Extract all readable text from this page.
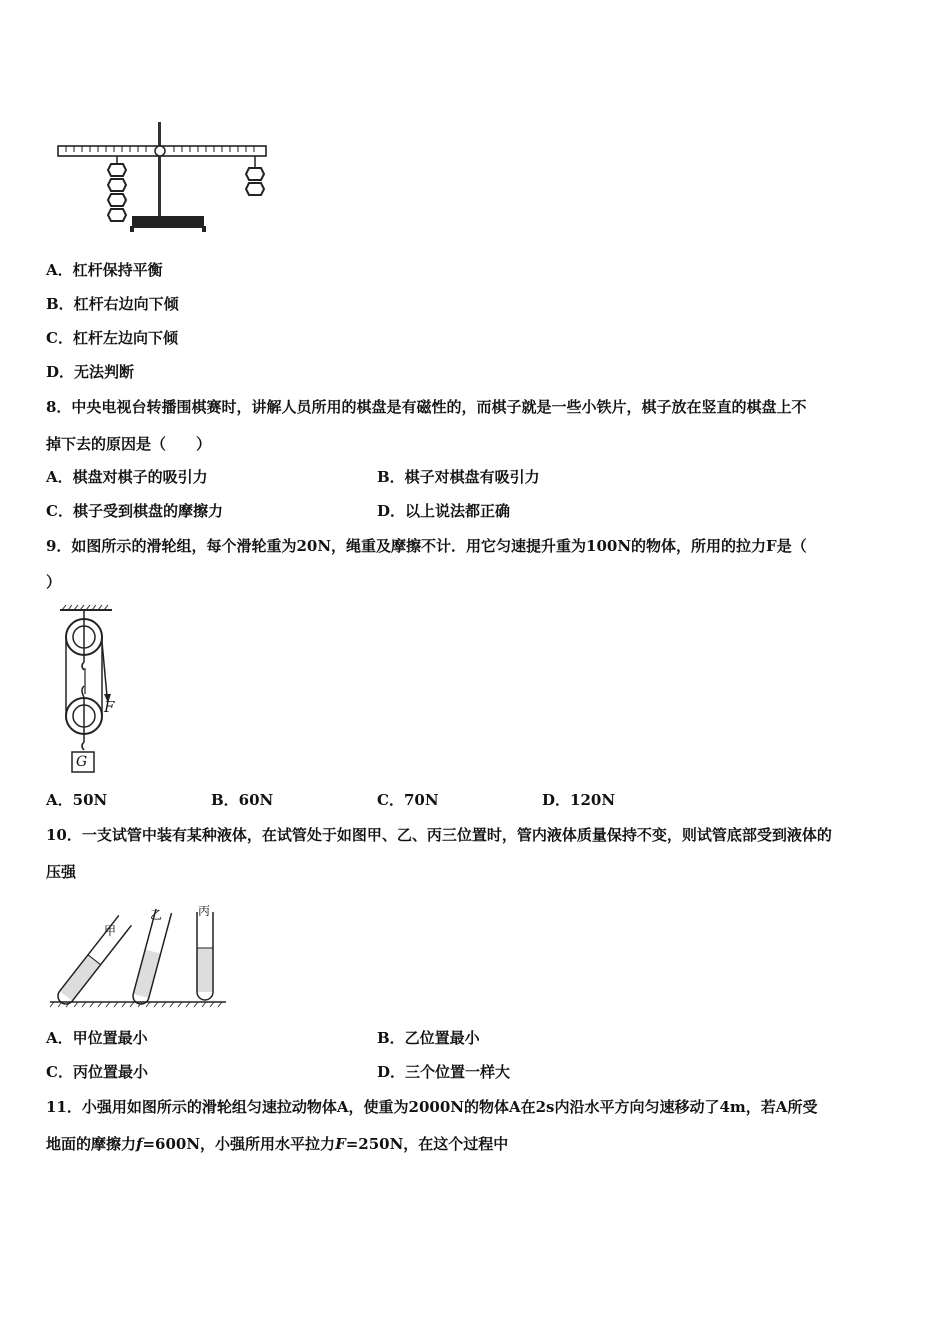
A．杠杆保持平衡
B．杠杆右边向下倾
C．杠杆左边向下倾
D．无法判断
8．中央电视台转播围棋赛时，讲解人员所用的棋盘是有磁性的，而棋子就是一些小铁片，棋子放在竖直的棋盘上不
掉下去的原因是（　　）
A．棋盘对棋子的吸引力	B．棋子对棋盘有吸引力
C．棋子受到棋盘的摩擦力	D．以上说法都正确
9．如图所示的滑轮组，每个滑轮重为20N，绳重及摩擦不计．用它匀速提升重为100N的物体，所用的拉力F是（
）
F
G
A．50N	B．60N	C．70N	D．120N
10．一支试管中装有某种液体，在试管处于如图甲、乙、丙三位置时，管内液体质量保持不变，则试管底部受到液体的
压强
甲
乙	丙
A．甲位置最小	B．乙位置最小
C．丙位置最小	D．三个位置一样大
11．小强用如图所示的滑轮组匀速拉动物体A，使重为2000N的物体A在2s内沿水平方向匀速移动了4m，若A所受
地面的摩擦力f=600N，小强所用水平拉力F=250N，在这个过程中
